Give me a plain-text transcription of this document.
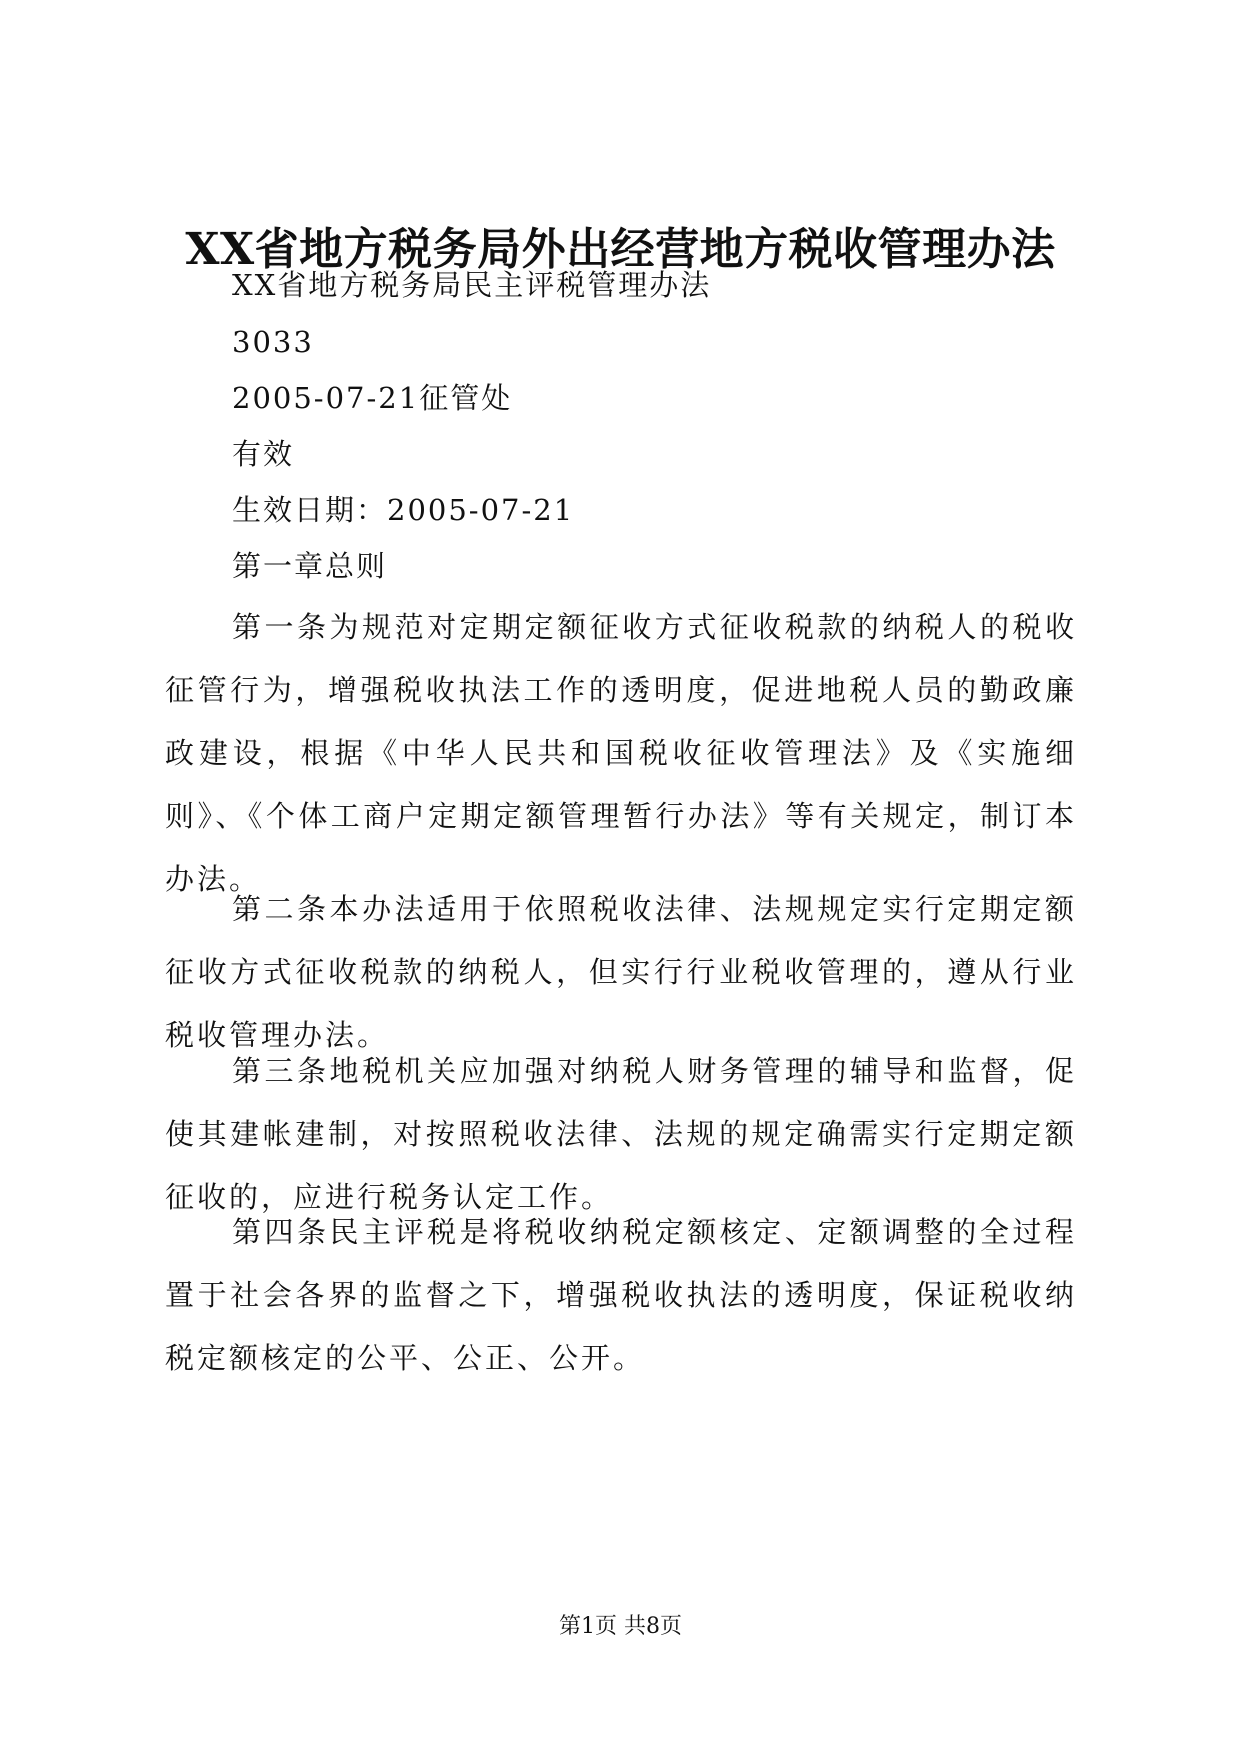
XX省地方税务局外出经营地方税收管理办法
XX省地方税务局民主评税管理办法
3033
2005-07-21征管处
有效
生效日期：2005-07-21
第一章总则

第一条为规范对定期定额征收方式征收税款的纳税人的税收征管行为，增强税收执法工作的透明度，促进地税人员的勤政廉政建设，根据《中华人民共和国税收征收管理法》及《实施细则》、《个体工商户定期定额管理暂行办法》等有关规定，制订本办法。

第二条本办法适用于依照税收法律、法规规定实行定期定额征收方式征收税款的纳税人，但实行行业税收管理的，遵从行业税收管理办法。

第三条地税机关应加强对纳税人财务管理的辅导和监督，促使其建帐建制，对按照税收法律、法规的规定确需实行定期定额征收的，应进行税务认定工作。

第四条民主评税是将税收纳税定额核定、定额调整的全过程置于社会各界的监督之下，增强税收执法的透明度，保证税收纳税定额核定的公平、公正、公开。

第1页 共8页
